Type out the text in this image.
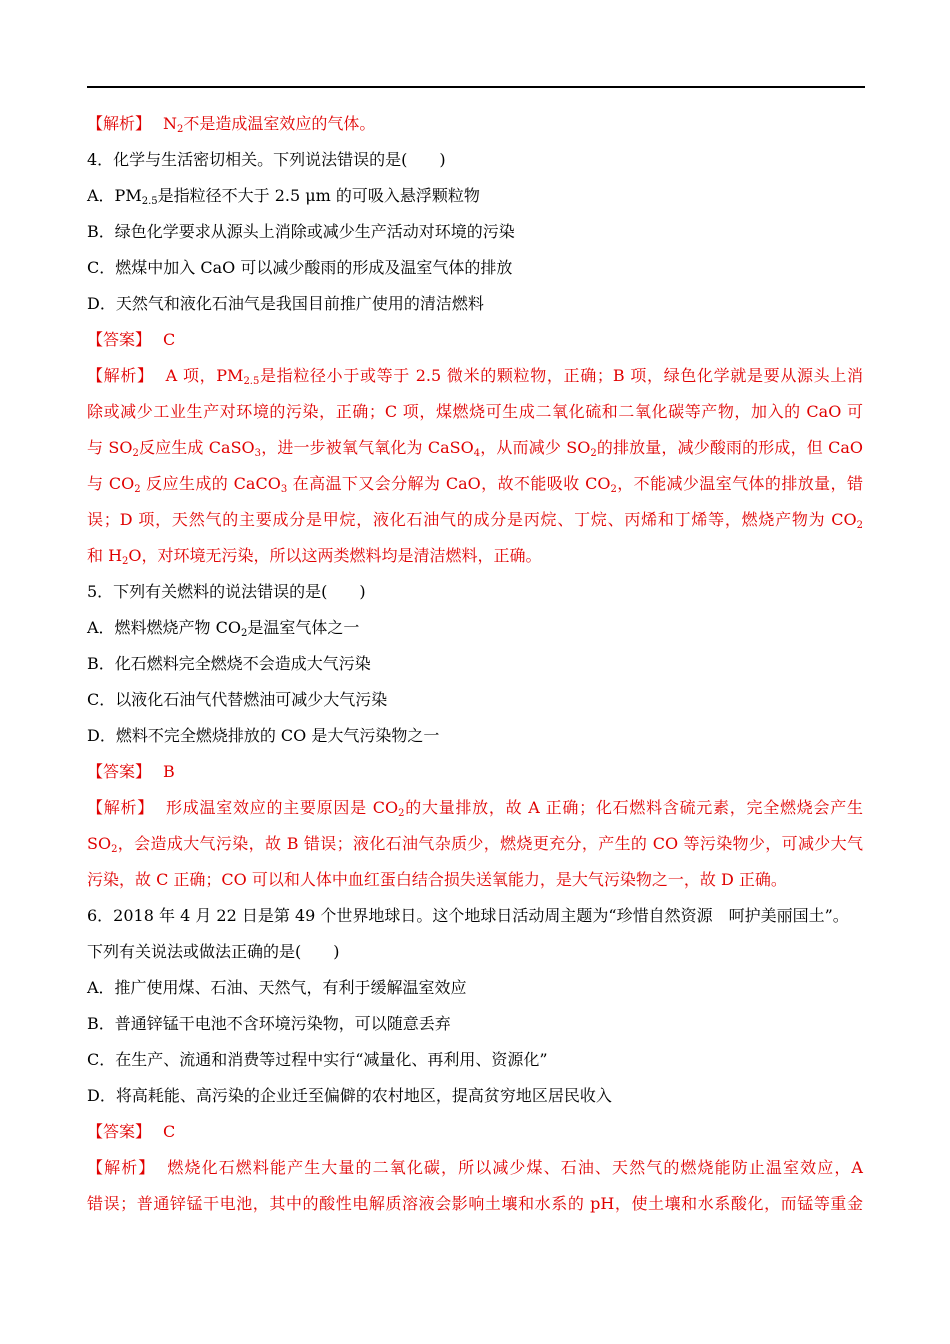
【解析】 $N_2$不是造成温室效应的气体。
4．化学与生活密切相关。下列说法错误的是(　　)
A．$PM_{2.5}$是指粒径不大于 2.5 μm 的可吸入悬浮颗粒物
B．绿色化学要求从源头上消除或减少生产活动对环境的污染
C．燃煤中加入 CaO 可以减少酸雨的形成及温室气体的排放
D．天然气和液化石油气是我国目前推广使用的清洁燃料
【答案】 C
【解析】 A 项，$PM_{2.5}$是指粒径小于或等于 2.5 微米的颗粒物，正确；B 项，绿色化学就是要从源头上消
除或减少工业生产对环境的污染，正确；C 项，煤燃烧可生成二氧化硫和二氧化碳等产物，加入的 CaO 可
与 $SO_2$反应生成 CaSO$_3$，进一步被氧气氧化为 CaSO$_4$，从而减少 $SO_2$的排放量，减少酸雨的形成，但 CaO
与 $CO_2$ 反应生成的 CaCO$_3$ 在高温下又会分解为 CaO，故不能吸收 $CO_2$，不能减少温室气体的排放量，错
误；D 项，天然气的主要成分是甲烷，液化石油气的成分是丙烷、丁烷、丙烯和丁烯等，燃烧产物为 $CO_2$
和 $H_2O$，对环境无污染，所以这两类燃料均是清洁燃料，正确。
5．下列有关燃料的说法错误的是(　　)
A．燃料燃烧产物 $CO_2$是温室气体之一
B．化石燃料完全燃烧不会造成大气污染
C．以液化石油气代替燃油可减少大气污染
D．燃料不完全燃烧排放的 CO 是大气污染物之一
【答案】 B
【解析】 形成温室效应的主要原因是 $CO_2$的大量排放，故 A 正确；化石燃料含硫元素，完全燃烧会产生
$SO_2$，会造成大气污染，故 B 错误；液化石油气杂质少，燃烧更充分，产生的 CO 等污染物少，可减少大气
污染，故 C 正确；CO 可以和人体中血红蛋白结合损失送氧能力，是大气污染物之一，故 D 正确。
6．2018 年 4 月 22 日是第 49 个世界地球日。这个地球日活动周主题为“珍惜自然资源　呵护美丽国土”。
下列有关说法或做法正确的是(　　)
A．推广使用煤、石油、天然气，有利于缓解温室效应
B．普通锌锰干电池不含环境污染物，可以随意丢弃
C．在生产、流通和消费等过程中实行“减量化、再利用、资源化”
D．将高耗能、高污染的企业迁至偏僻的农村地区，提高贫穷地区居民收入
【答案】 C
【解析】 燃烧化石燃料能产生大量的二氧化碳，所以减少煤、石油、天然气的燃烧能防止温室效应，A
错误；普通锌锰干电池，其中的酸性电解质溶液会影响土壤和水系的 pH，使土壤和水系酸化，而锰等重金
